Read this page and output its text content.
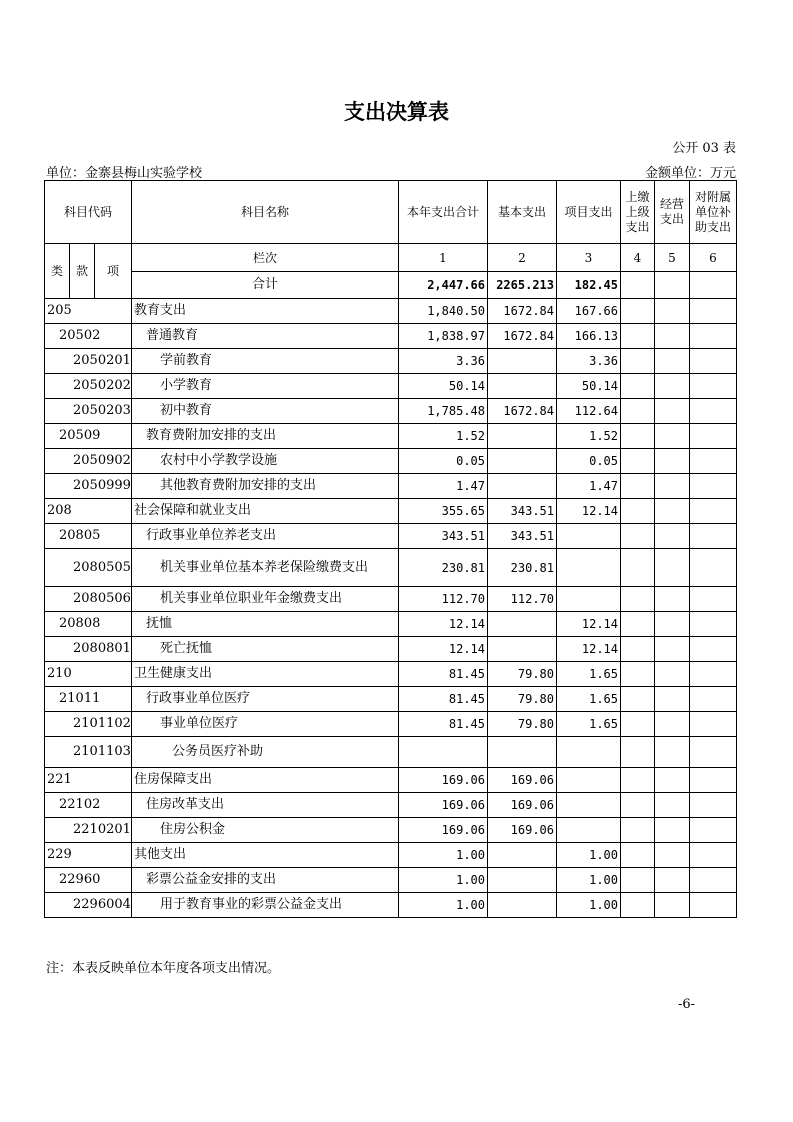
支出决算表
公开 03 表
单位：金寨县梅山实验学校	金额单位：万元
科目代码			科目名称	本年支出合计	基本支出	项目支出	上缴上级支出	经营支出	对附属单位补助支出
类	款	项	栏次	1	2	3	4	5	6
			合计	2,447.66	2265.213	182.45			
205			教育支出	1,840.50	1672.84	167.66			
20502			普通教育	1,838.97	1672.84	166.13			
2050201			学前教育	3.36		3.36			
2050202			小学教育	50.14		50.14			
2050203			初中教育	1,785.48	1672.84	112.64			
20509			教育费附加安排的支出	1.52		1.52			
2050902			农村中小学教学设施	0.05		0.05			
2050999			其他教育费附加安排的支出	1.47		1.47			
208			社会保障和就业支出	355.65	343.51	12.14			
20805			行政事业单位养老支出	343.51	343.51				
2080505			机关事业单位基本养老保险缴费支出	230.81	230.81				
2080506			机关事业单位职业年金缴费支出	112.70	112.70				
20808			抚恤	12.14		12.14			
2080801			死亡抚恤	12.14		12.14			
210			卫生健康支出	81.45	79.80	1.65			
21011			行政事业单位医疗	81.45	79.80	1.65			
2101102			事业单位医疗	81.45	79.80	1.65			
2101103			公务员医疗补助						
221			住房保障支出	169.06	169.06				
22102			住房改革支出	169.06	169.06				
2210201			住房公积金	169.06	169.06				
229			其他支出	1.00		1.00			
22960			彩票公益金安排的支出	1.00		1.00			
2296004			用于教育事业的彩票公益金支出	1.00		1.00			
注：本表反映单位本年度各项支出情况。
-6-
